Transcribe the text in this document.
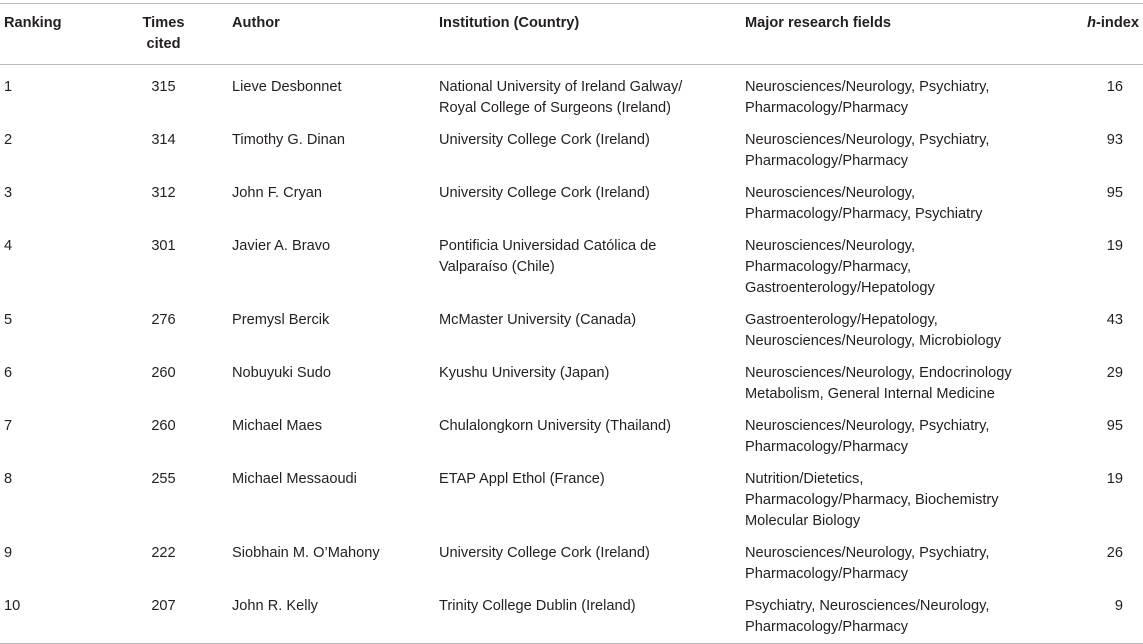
Ranking	Times
cited	Author	Institution (Country)	Major research fields	h-index
1	315	Lieve Desbonnet	National University of Ireland Galway/
Royal College of Surgeons (Ireland)	Neurosciences/Neurology, Psychiatry,
Pharmacology/Pharmacy	16
2	314	Timothy G. Dinan	University College Cork (Ireland)	Neurosciences/Neurology, Psychiatry,
Pharmacology/Pharmacy	93
3	312	John F. Cryan	University College Cork (Ireland)	Neurosciences/Neurology,
Pharmacology/Pharmacy, Psychiatry	95
4	301	Javier A. Bravo	Pontificia Universidad Católica de
Valparaíso (Chile)	Neurosciences/Neurology,
Pharmacology/Pharmacy,
Gastroenterology/Hepatology	19
5	276	Premysl Bercik	McMaster University (Canada)	Gastroenterology/Hepatology,
Neurosciences/Neurology, Microbiology	43
6	260	Nobuyuki Sudo	Kyushu University (Japan)	Neurosciences/Neurology, Endocrinology
Metabolism, General Internal Medicine	29
7	260	Michael Maes	Chulalongkorn University (Thailand)	Neurosciences/Neurology, Psychiatry,
Pharmacology/Pharmacy	95
8	255	Michael Messaoudi	ETAP Appl Ethol (France)	Nutrition/Dietetics,
Pharmacology/Pharmacy, Biochemistry
Molecular Biology	19
9	222	Siobhain M. O’Mahony	University College Cork (Ireland)	Neurosciences/Neurology, Psychiatry,
Pharmacology/Pharmacy	26
10	207	John R. Kelly	Trinity College Dublin (Ireland)	Psychiatry, Neurosciences/Neurology,
Pharmacology/Pharmacy	9
